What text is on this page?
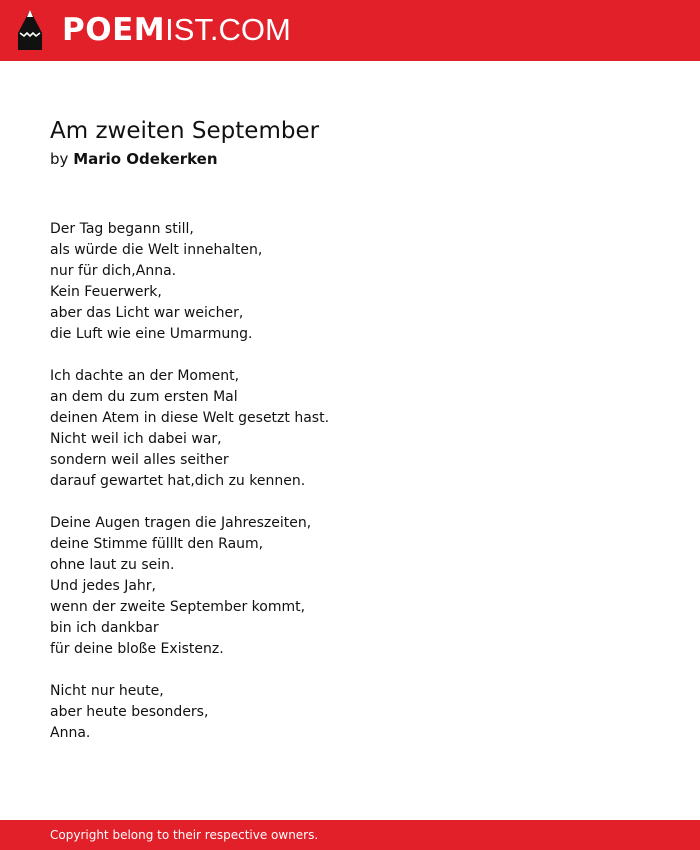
POEMIST.COM
Am zweiten September
by Mario Odekerken
Der Tag begann still,
als würde die Welt innehalten,
nur für dich,Anna.
Kein Feuerwerk,
aber das Licht war weicher,
die Luft wie eine Umarmung.
Ich dachte an der Moment,
an dem du zum ersten Mal
deinen Atem in diese Welt gesetzt hast.
Nicht weil ich dabei war,
sondern weil alles seither
darauf gewartet hat,dich zu kennen.
Deine Augen tragen die Jahreszeiten,
deine Stimme fülllt den Raum,
ohne laut zu sein.
Und jedes Jahr,
wenn der zweite September kommt,
bin ich dankbar
für deine bloße Existenz.
Nicht nur heute,
aber heute besonders,
Anna.
Copyright belong to their respective owners.
